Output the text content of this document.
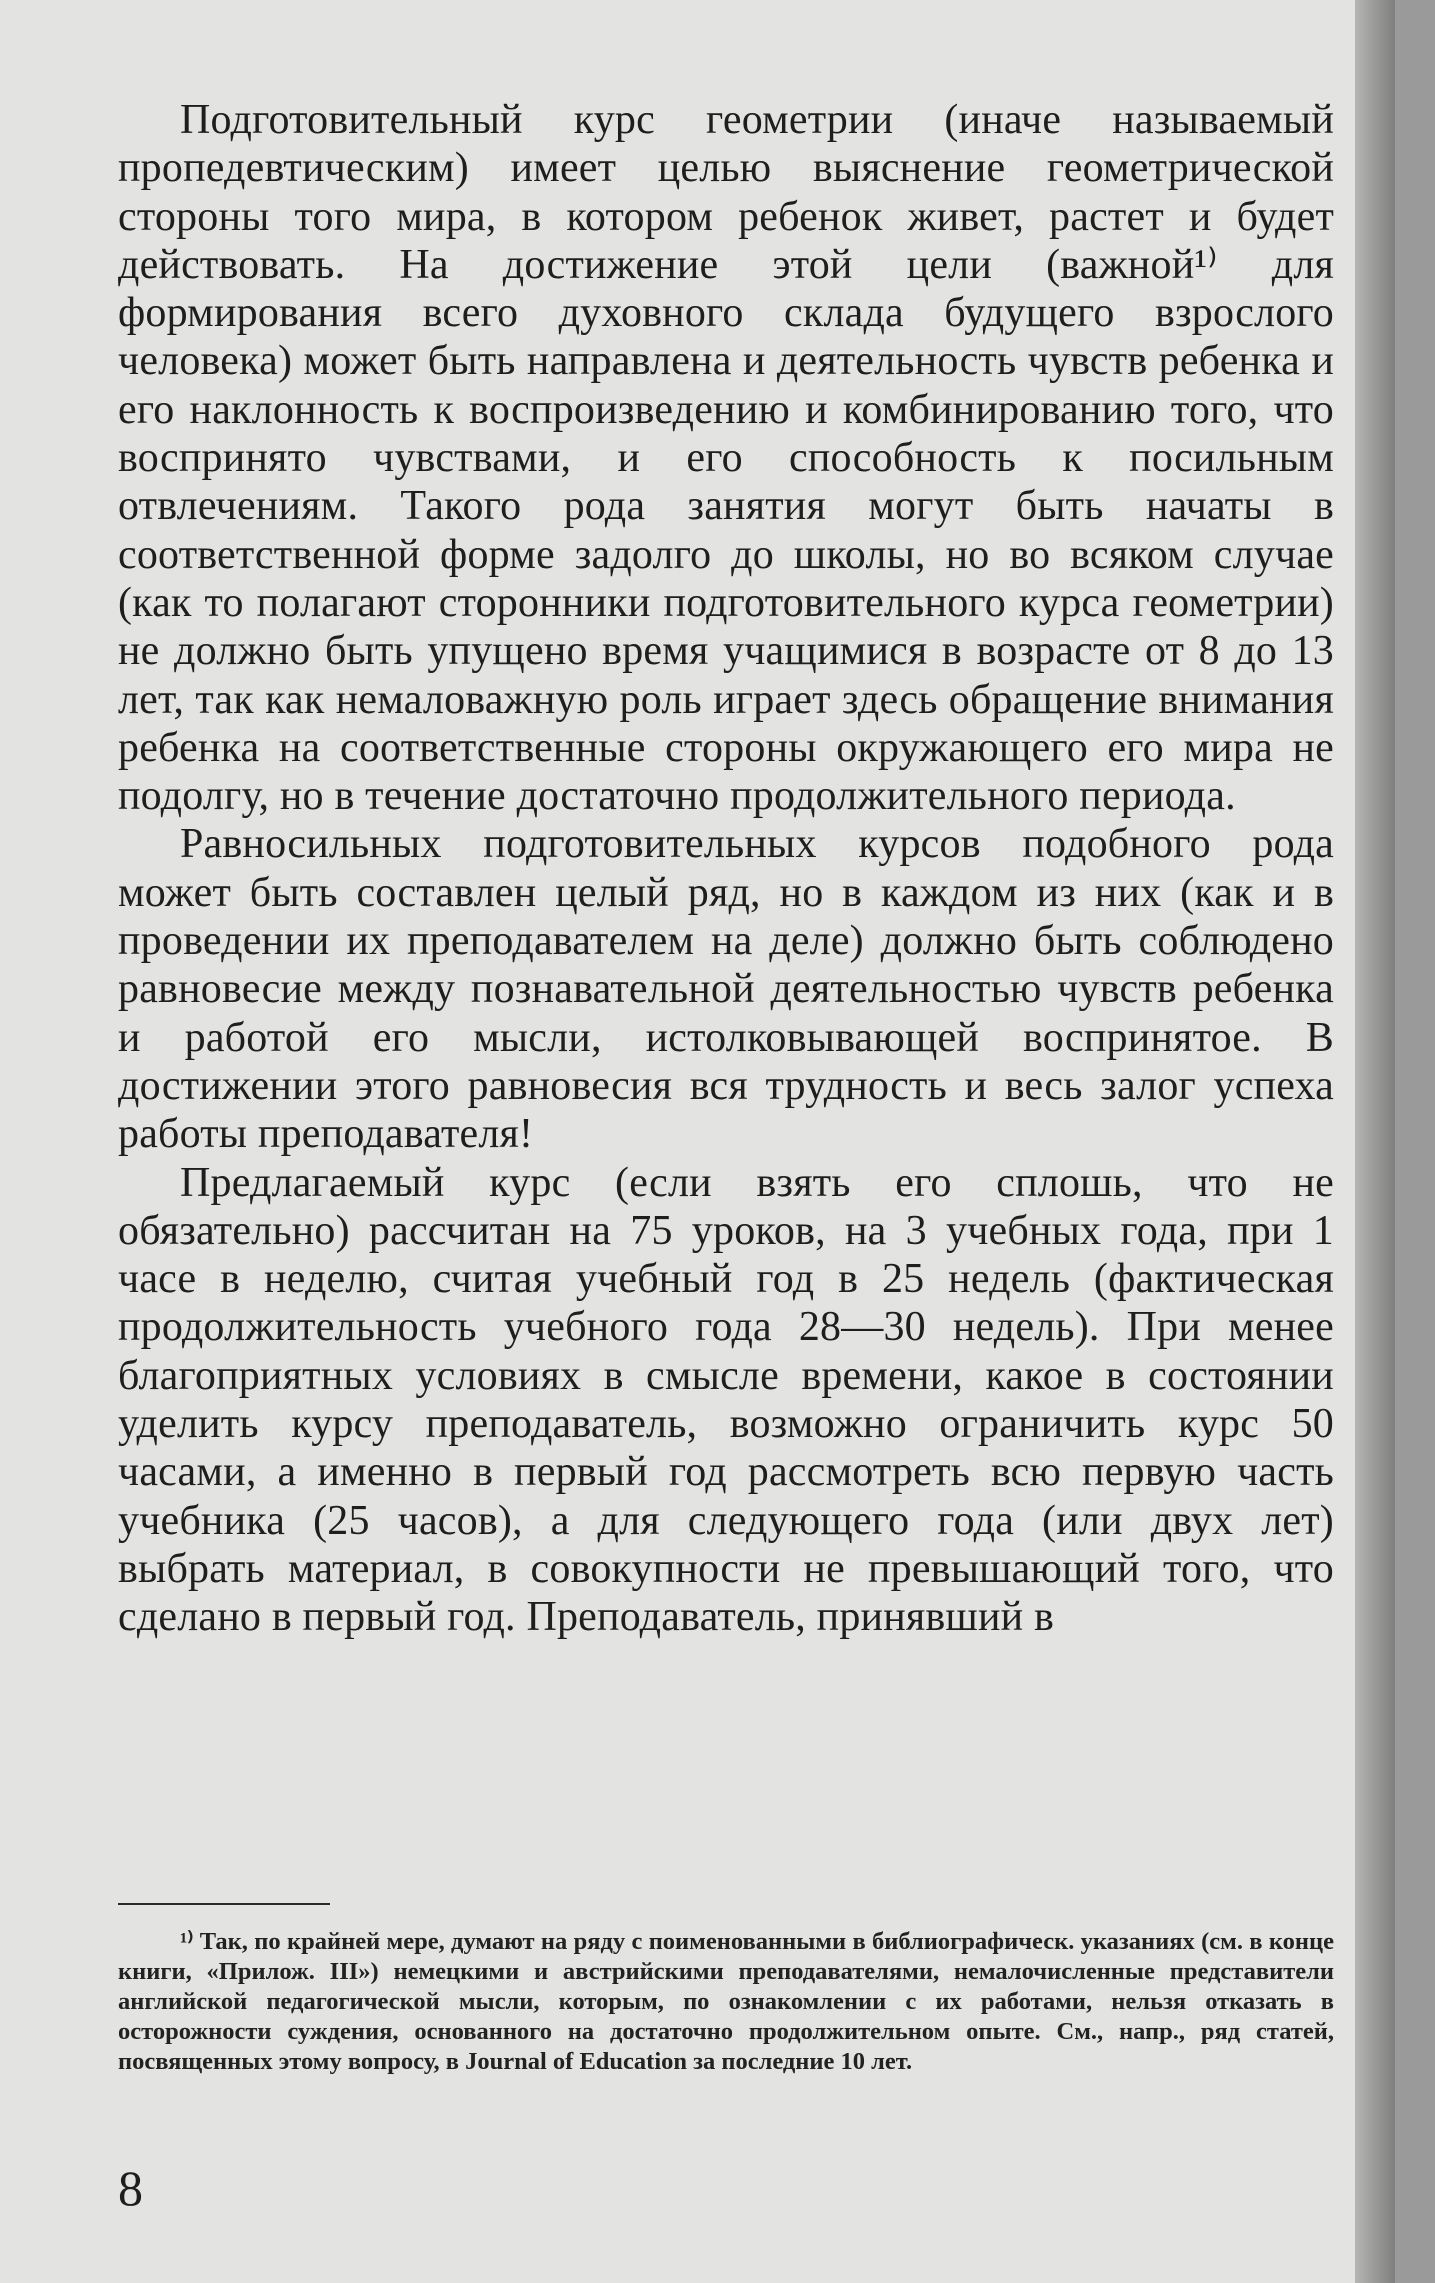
Подготовительный курс геометрии (иначе называемый пропедевтическим) имеет целью выяснение геометрической стороны того мира, в котором ребенок живет, растет и будет действовать. На достижение этой цели (важной¹⁾ для формирования всего духовного склада будущего взрослого человека) может быть направлена и деятельность чувств ребенка и его наклонность к воспроизведению и комбинированию того, что воспринято чувствами, и его способность к посильным отвлечениям. Такого рода занятия могут быть начаты в соответственной форме задолго до школы, но во всяком случае (как то полагают сторонники подготовительного курса геометрии) не должно быть упущено время учащимися в возрасте от 8 до 13 лет, так как немаловажную роль играет здесь обращение внимания ребенка на соответственные стороны окружающего его мира не подолгу, но в течение достаточно продолжительного периода.

Равносильных подготовительных курсов подобного рода может быть составлен целый ряд, но в каждом из них (как и в проведении их преподавателем на деле) должно быть соблюдено равновесие между познавательной деятельностью чувств ребенка и работой его мысли, истолковывающей воспринятое. В достижении этого равновесия вся трудность и весь залог успеха работы преподавателя!

Предлагаемый курс (если взять его сплошь, что не обязательно) рассчитан на 75 уроков, на 3 учебных года, при 1 часе в неделю, считая учебный год в 25 недель (фактическая продолжительность учебного года 28—30 недель). При менее благоприятных условиях в смысле времени, какое в состоянии уделить курсу преподаватель, возможно ограничить курс 50 часами, а именно в первый год рассмотреть всю первую часть учебника (25 часов), а для следующего года (или двух лет) выбрать материал, в совокупности не превышающий того, что сделано в первый год. Преподаватель, принявший в

¹⁾ Так, по крайней мере, думают на ряду с поименованными в библиографическ. указаниях (см. в конце книги, «Прилож. III») немецкими и австрийскими преподавателями, немалочисленные представители английской педагогической мысли, которым, по ознакомлении с их работами, нельзя отказать в осторожности суждения, основанного на достаточно продолжительном опыте. См., напр., ряд статей, посвященных этому вопросу, в Journal of Education за последние 10 лет.
8
